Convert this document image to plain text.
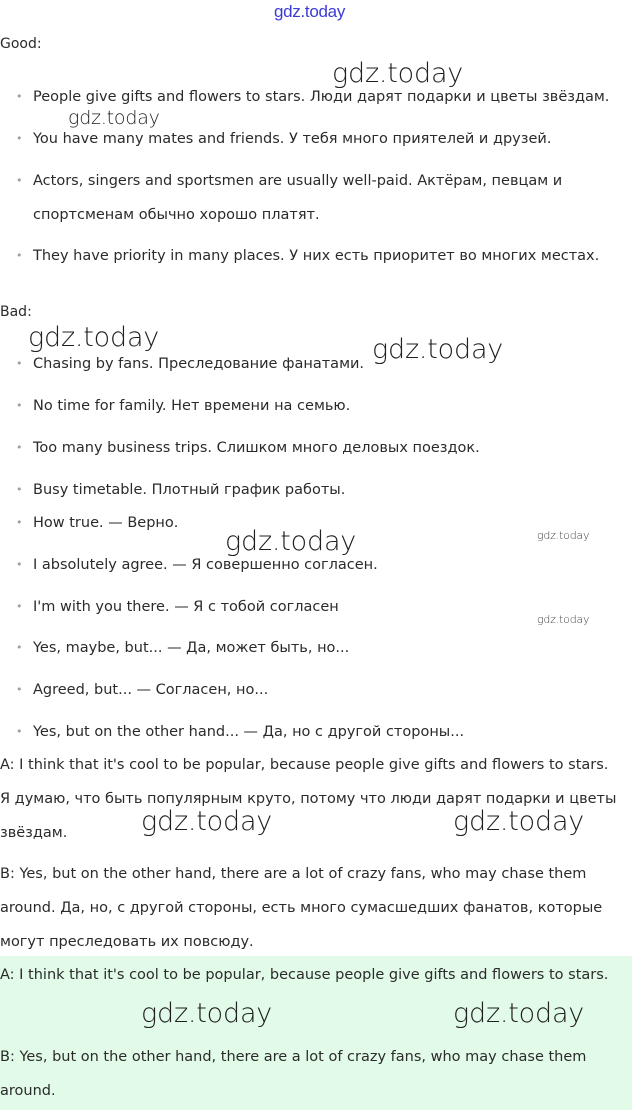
gdz.today
Good:
• People give gifts and flowers to stars. Люди дарят подарки и цветы звёздам.
• You have many mates and friends. У тебя много приятелей и друзей.
• Actors, singers and sportsmen are usually well-paid. Актёрам, певцам и спортсменам обычно хорошо платят.
• They have priority in many places. У них есть приоритет во многих местах.
Bad:
• Chasing by fans. Преследование фанатами.
• No time for family. Нет времени на семью.
• Too many business trips. Слишком много деловых поездок.
• Busy timetable. Плотный график работы.
• How true. — Верно.
• I absolutely agree. — Я совершенно согласен.
• I'm with you there. — Я с тобой согласен
• Yes, maybe, but... — Да, может быть, но...
• Agreed, but... — Согласен, но...
• Yes, but on the other hand... — Да, но с другой стороны...
A: I think that it's cool to be popular, because people give gifts and flowers to stars. Я думаю, что быть популярным круто, потому что люди дарят подарки и цветы звёздам.
B: Yes, but on the other hand, there are a lot of crazy fans, who may chase them around. Да, но, с другой стороны, есть много сумасшедших фанатов, которые могут преследовать их повсюду.
A: I think that it's cool to be popular, because people give gifts and flowers to stars.
B: Yes, but on the other hand, there are a lot of crazy fans, who may chase them around.
gdz.today
gdz.today
gdz.today	gdz.today
gdz.today	gdz.today
gdz.today
gdz.today	gdz.today
gdz.today	gdz.today
